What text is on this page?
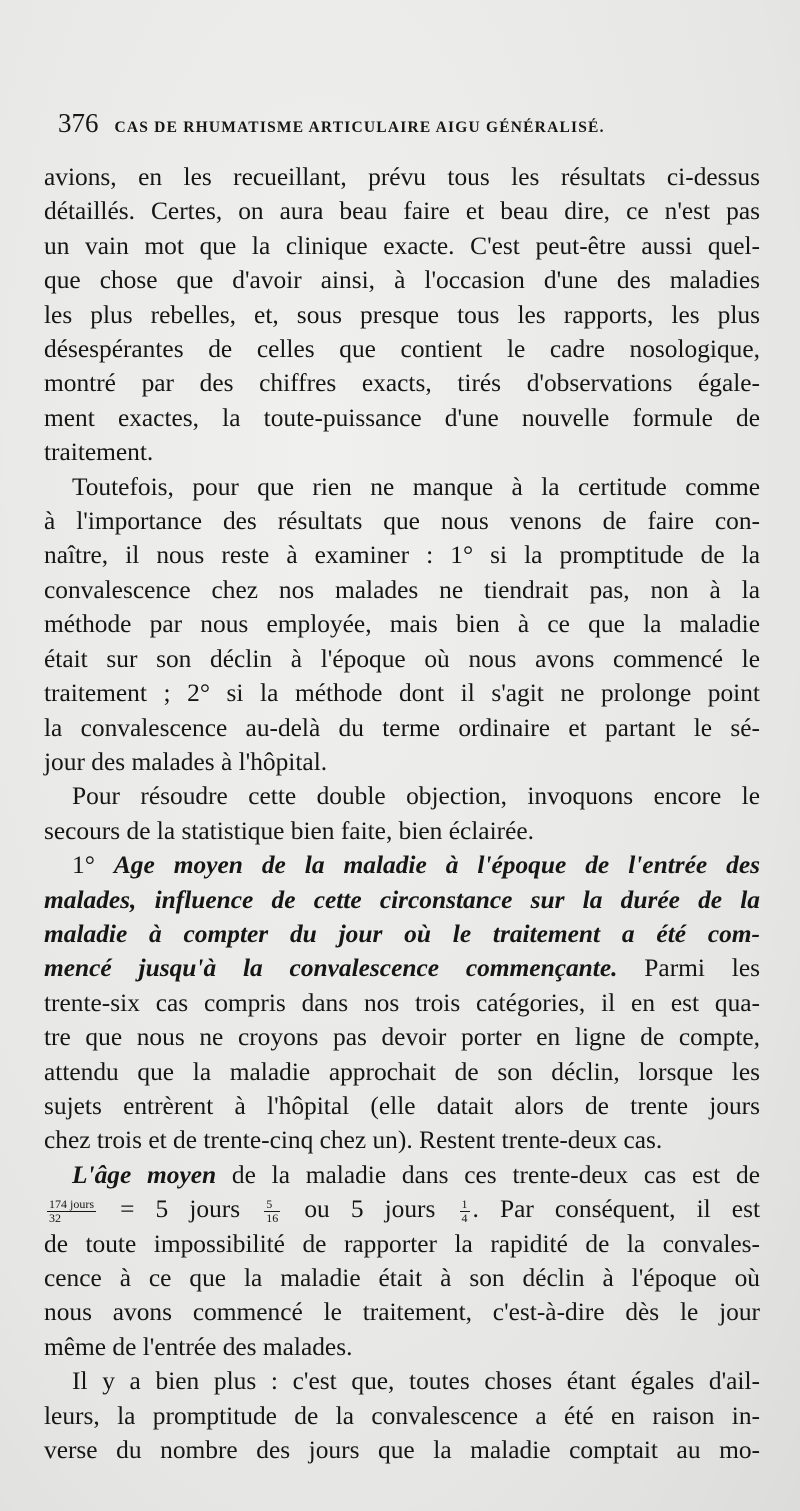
376 CAS DE RHUMATISME ARTICULAIRE AIGU GÉNÉRALISÉ.

avions, en les recueillant, prévu tous les résultats ci-dessus
détaillés. Certes, on aura beau faire et beau dire, ce n'est pas
un vain mot que la clinique exacte. C'est peut-être aussi quel-
que chose que d'avoir ainsi, à l'occasion d'une des maladies
les plus rebelles, et, sous presque tous les rapports, les plus
désespérantes de celles que contient le cadre nosologique,
montré par des chiffres exacts, tirés d'observations égale-
ment exactes, la toute-puissance d'une nouvelle formule de
traitement.

Toutefois, pour que rien ne manque à la certitude comme
à l'importance des résultats que nous venons de faire con-
naître, il nous reste à examiner : 1° si la promptitude de la
convalescence chez nos malades ne tiendrait pas, non à la
méthode par nous employée, mais bien à ce que la maladie
était sur son déclin à l'époque où nous avons commencé le
traitement ; 2° si la méthode dont il s'agit ne prolonge point
la convalescence au-delà du terme ordinaire et partant le sé-
jour des malades à l'hôpital.

Pour résoudre cette double objection, invoquons encore le
secours de la statistique bien faite, bien éclairée.

1° Age moyen de la maladie à l'époque de l'entrée des
malades, influence de cette circonstance sur la durée de la
maladie à compter du jour où le traitement a été com-
mencé jusqu'à la convalescence commençante. Parmi les
trente-six cas compris dans nos trois catégories, il en est qua-
tre que nous ne croyons pas devoir porter en ligne de compte,
attendu que la maladie approchait de son déclin, lorsque les
sujets entrèrent à l'hôpital (elle datait alors de trente jours
chez trois et de trente-cinq chez un). Restent trente-deux cas.

L'âge moyen de la maladie dans ces trente-deux cas est de
$\frac{\text{174 jours}}{32} = 5$ jours $\frac{5}{16}$ ou 5 jours $\frac{1}{4}$ . Par conséquent, il est
de toute impossibilité de rapporter la rapidité de la convales-
cence à ce que la maladie était à son déclin à l'époque où
nous avons commencé le traitement, c'est-à-dire dès le jour
même de l'entrée des malades.

Il y a bien plus : c'est que, toutes choses étant égales d'ail-
leurs, la promptitude de la convalescence a été en raison in-
verse du nombre des jours que la maladie comptait au mo-
